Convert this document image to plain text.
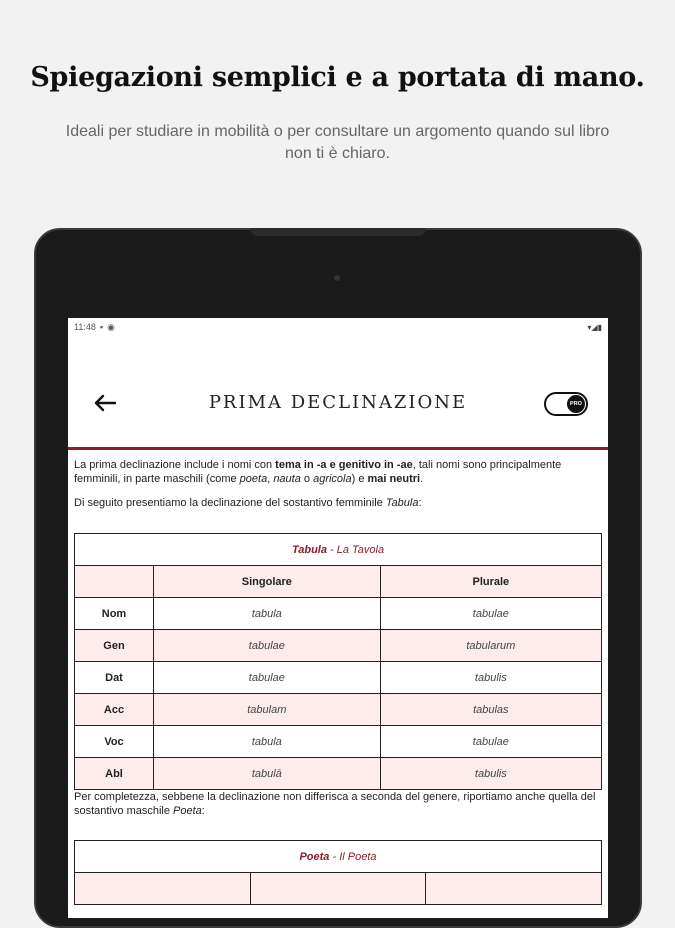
Spiegazioni semplici e a portata di mano.
Ideali per studiare in mobilità o per consultare un argomento quando sul libro non ti è chiaro.
11:48 ▪ ◉	▾◢▮
PRIMA DECLINAZIONE	PRO

La prima declinazione include i nomi con tema in -a e genitivo in -ae, tali nomi sono principalmente femminili, in parte maschili (come poeta, nauta o agricola) e mai neutri.

Di seguito presentiamo la declinazione del sostantivo femminile Tabula:

Tabula - La Tavola		
	Singolare	Plurale
Nom	tabula	tabulae
Gen	tabulae	tabularum
Dat	tabulae	tabulis
Acc	tabulam	tabulas
Voc	tabula	tabulae
Abl	tabulā	tabulis

Per completezza, sebbene la declinazione non differisca a seconda del genere, riportiamo anche quella del sostantivo maschile Poeta:

Poeta - Il Poeta
